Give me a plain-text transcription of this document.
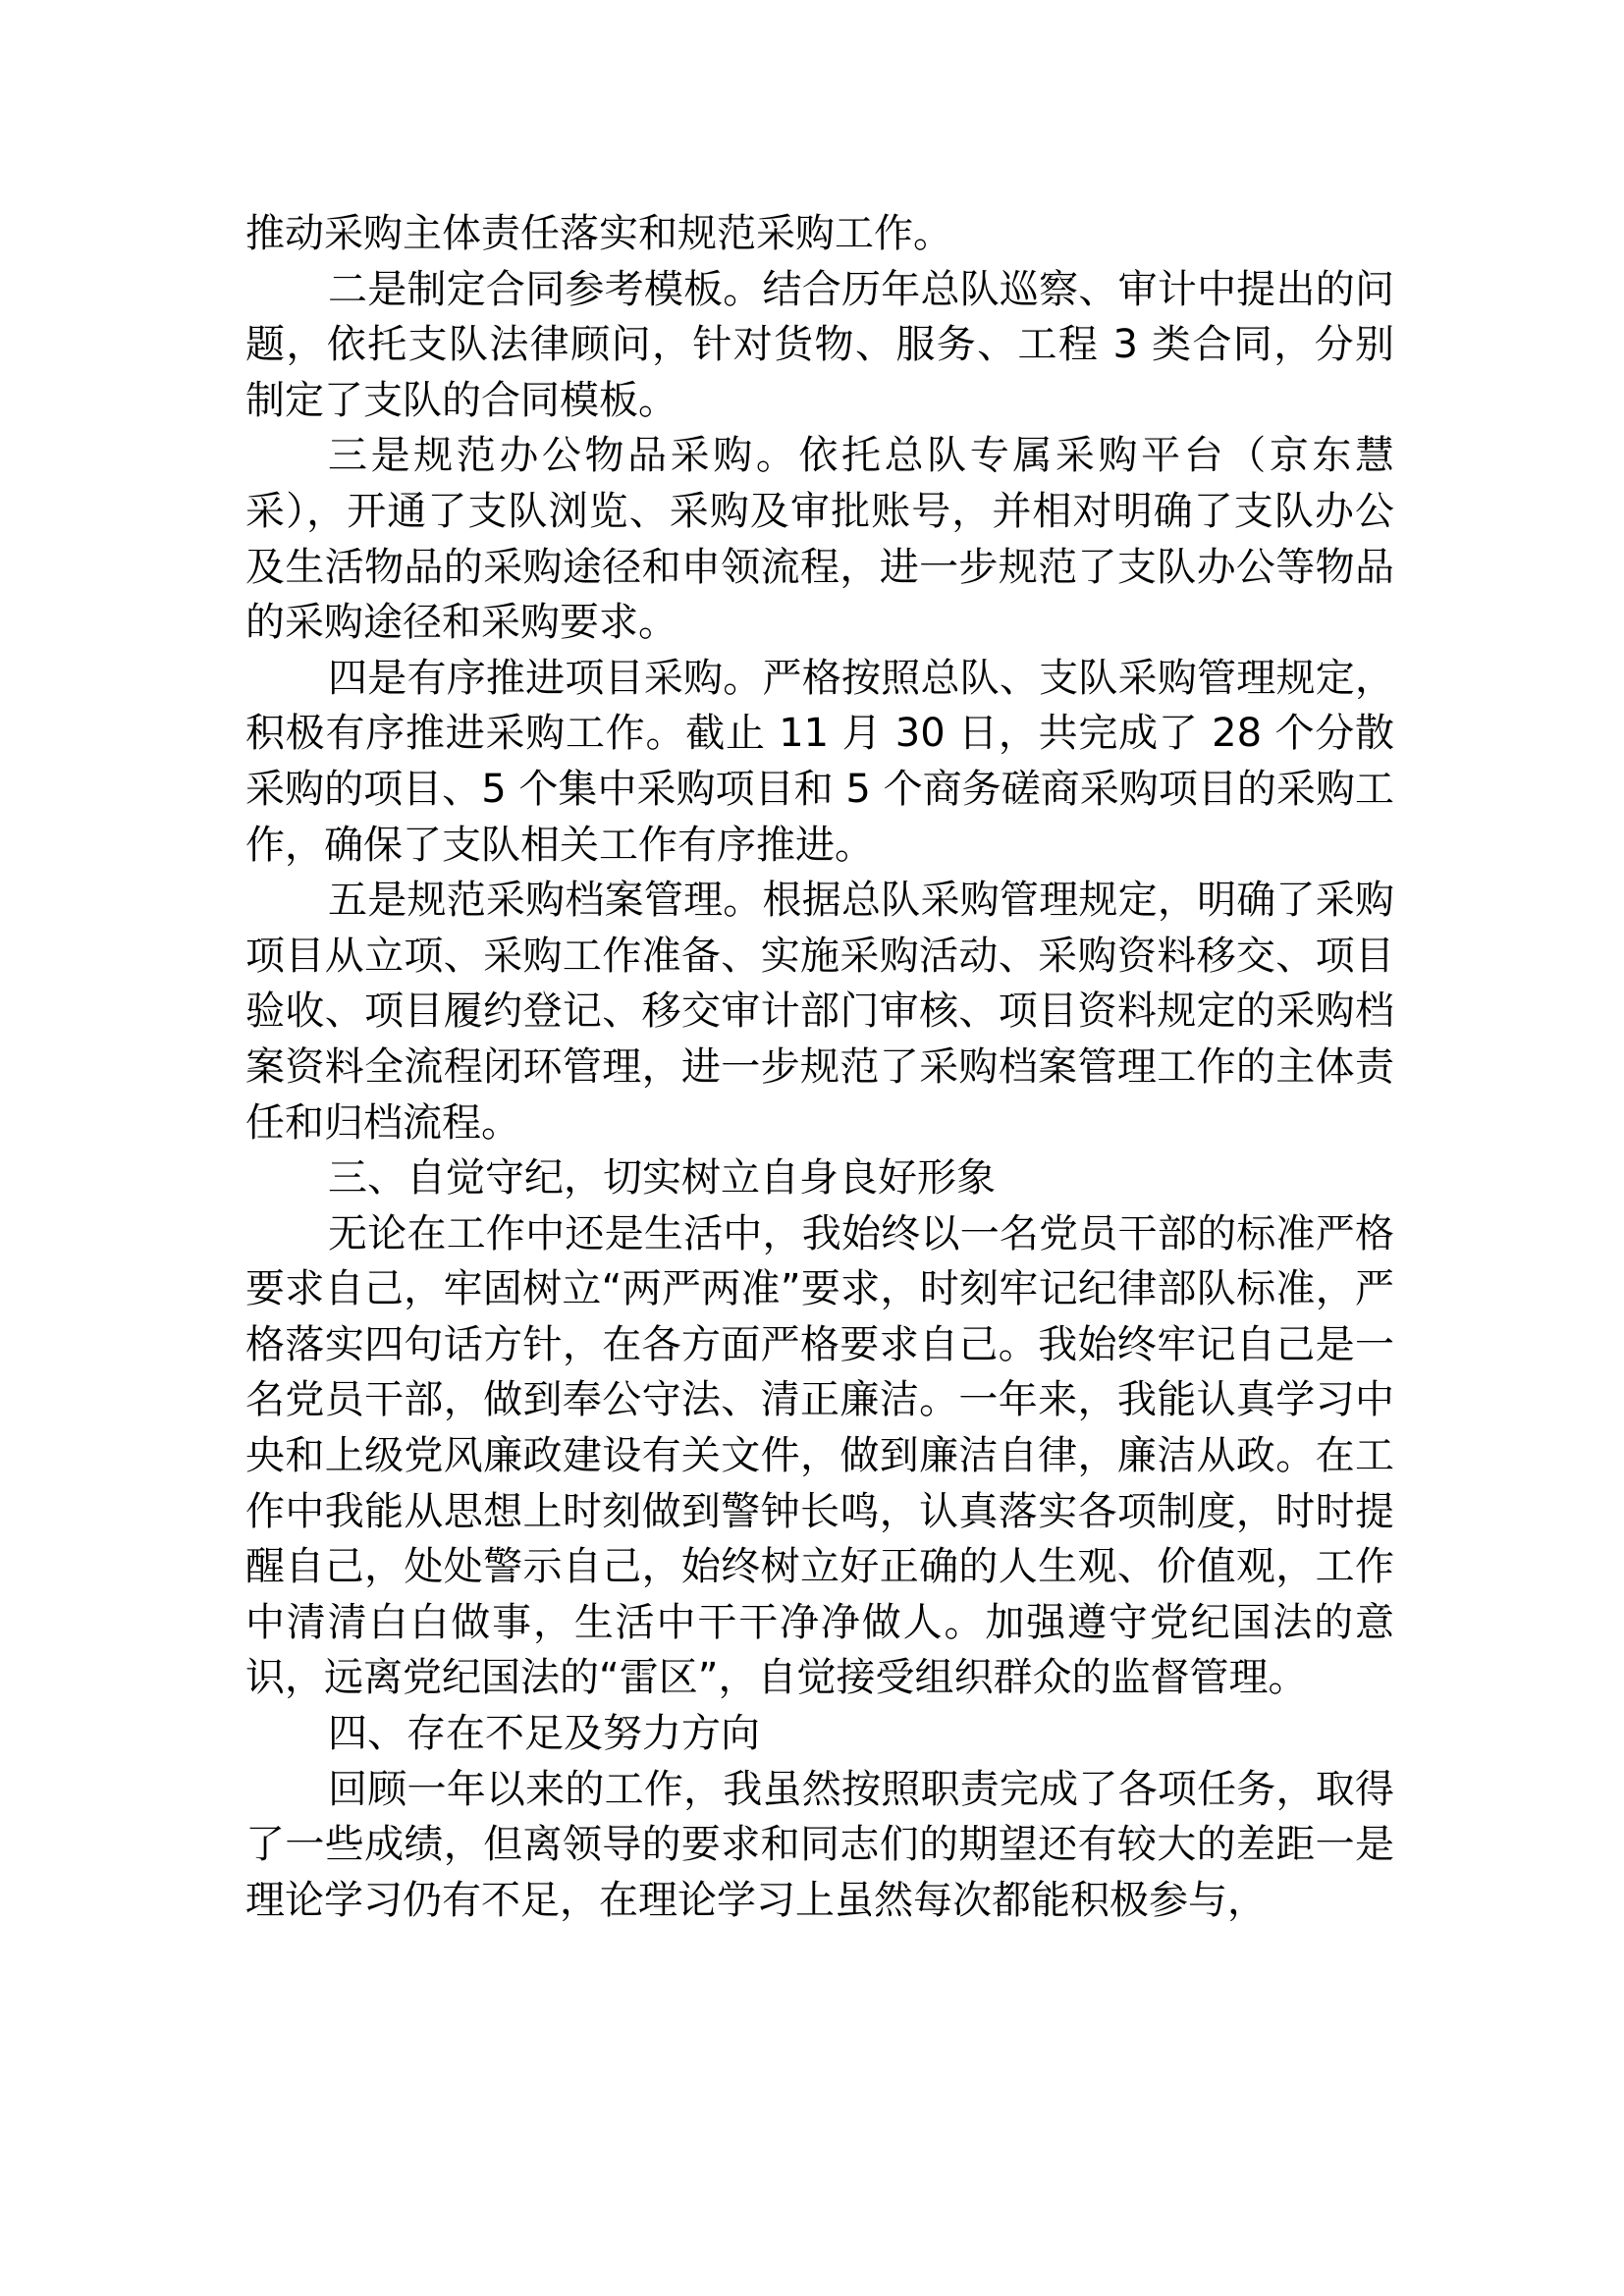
推动采购主体责任落实和规范采购工作。

二是制定合同参考模板。结合历年总队巡察、审计中提出的问题，依托支队法律顾问，针对货物、服务、工程 3 类合同，分别制定了支队的合同模板。

三是规范办公物品采购。依托总队专属采购平台（京东慧采），开通了支队浏览、采购及审批账号，并相对明确了支队办公及生活物品的采购途径和申领流程，进一步规范了支队办公等物品的采购途径和采购要求。

四是有序推进项目采购。严格按照总队、支队采购管理规定，积极有序推进采购工作。截止 11 月 30 日，共完成了 28 个分散采购的项目、5 个集中采购项目和 5 个商务磋商采购项目的采购工作，确保了支队相关工作有序推进。

五是规范采购档案管理。根据总队采购管理规定，明确了采购项目从立项、采购工作准备、实施采购活动、采购资料移交、项目验收、项目履约登记、移交审计部门审核、项目资料规定的采购档案资料全流程闭环管理，进一步规范了采购档案管理工作的主体责任和归档流程。

三、自觉守纪，切实树立自身良好形象

无论在工作中还是生活中，我始终以一名党员干部的标准严格要求自己，牢固树立“两严两准”要求，时刻牢记纪律部队标准，严格落实四句话方针，在各方面严格要求自己。我始终牢记自己是一名党员干部，做到奉公守法、清正廉洁。一年来，我能认真学习中央和上级党风廉政建设有关文件，做到廉洁自律，廉洁从政。在工作中我能从思想上时刻做到警钟长鸣，认真落实各项制度，时时提醒自己，处处警示自己，始终树立好正确的人生观、价值观，工作中清清白白做事，生活中干干净净做人。加强遵守党纪国法的意识，远离党纪国法的“雷区”，自觉接受组织群众的监督管理。

四、存在不足及努力方向

回顾一年以来的工作，我虽然按照职责完成了各项任务，取得了一些成绩，但离领导的要求和同志们的期望还有较大的差距一是理论学习仍有不足，在理论学习上虽然每次都能积极参与，
